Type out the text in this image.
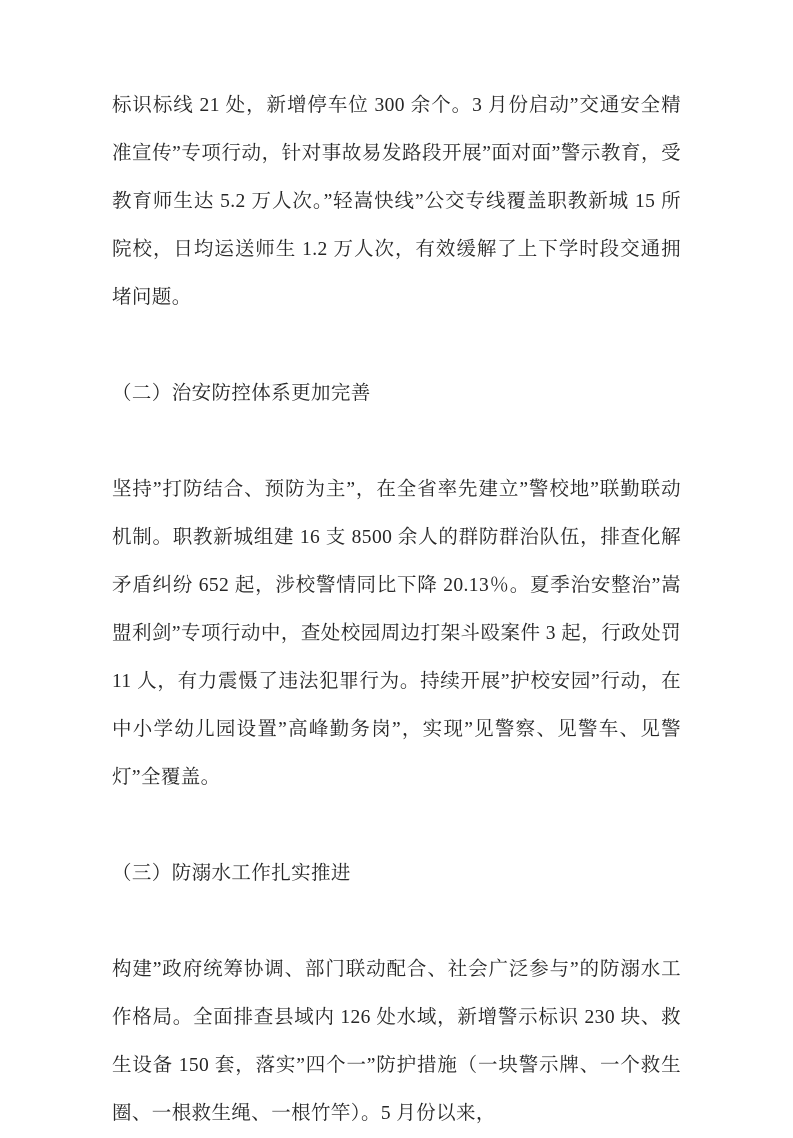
标识标线 21 处，新增停车位 300 余个。3 月份启动”交通安全精准宣传”专项行动，针对事故易发路段开展”面对面”警示教育，受教育师生达 5.2 万人次。”轻嵩快线”公交专线覆盖职教新城 15 所院校，日均运送师生 1.2 万人次，有效缓解了上下学时段交通拥堵问题。

（二）治安防控体系更加完善

坚持”打防结合、预防为主”，在全省率先建立”警校地”联勤联动机制。职教新城组建 16 支 8500 余人的群防群治队伍，排查化解矛盾纠纷 652 起，涉校警情同比下降 20.13％。夏季治安整治”嵩盟利剑”专项行动中，查处校园周边打架斗殴案件 3 起，行政处罚 11 人，有力震慑了违法犯罪行为。持续开展”护校安园”行动，在中小学幼儿园设置”高峰勤务岗”，实现”见警察、见警车、见警灯”全覆盖。

（三）防溺水工作扎实推进

构建”政府统筹协调、部门联动配合、社会广泛参与”的防溺水工作格局。全面排查县域内 126 处水域，新增警示标识 230 块、救生设备 150 套，落实”四个一”防护措施（一块警示牌、一个救生圈、一根救生绳、一根竹竿）。5 月份以来，
